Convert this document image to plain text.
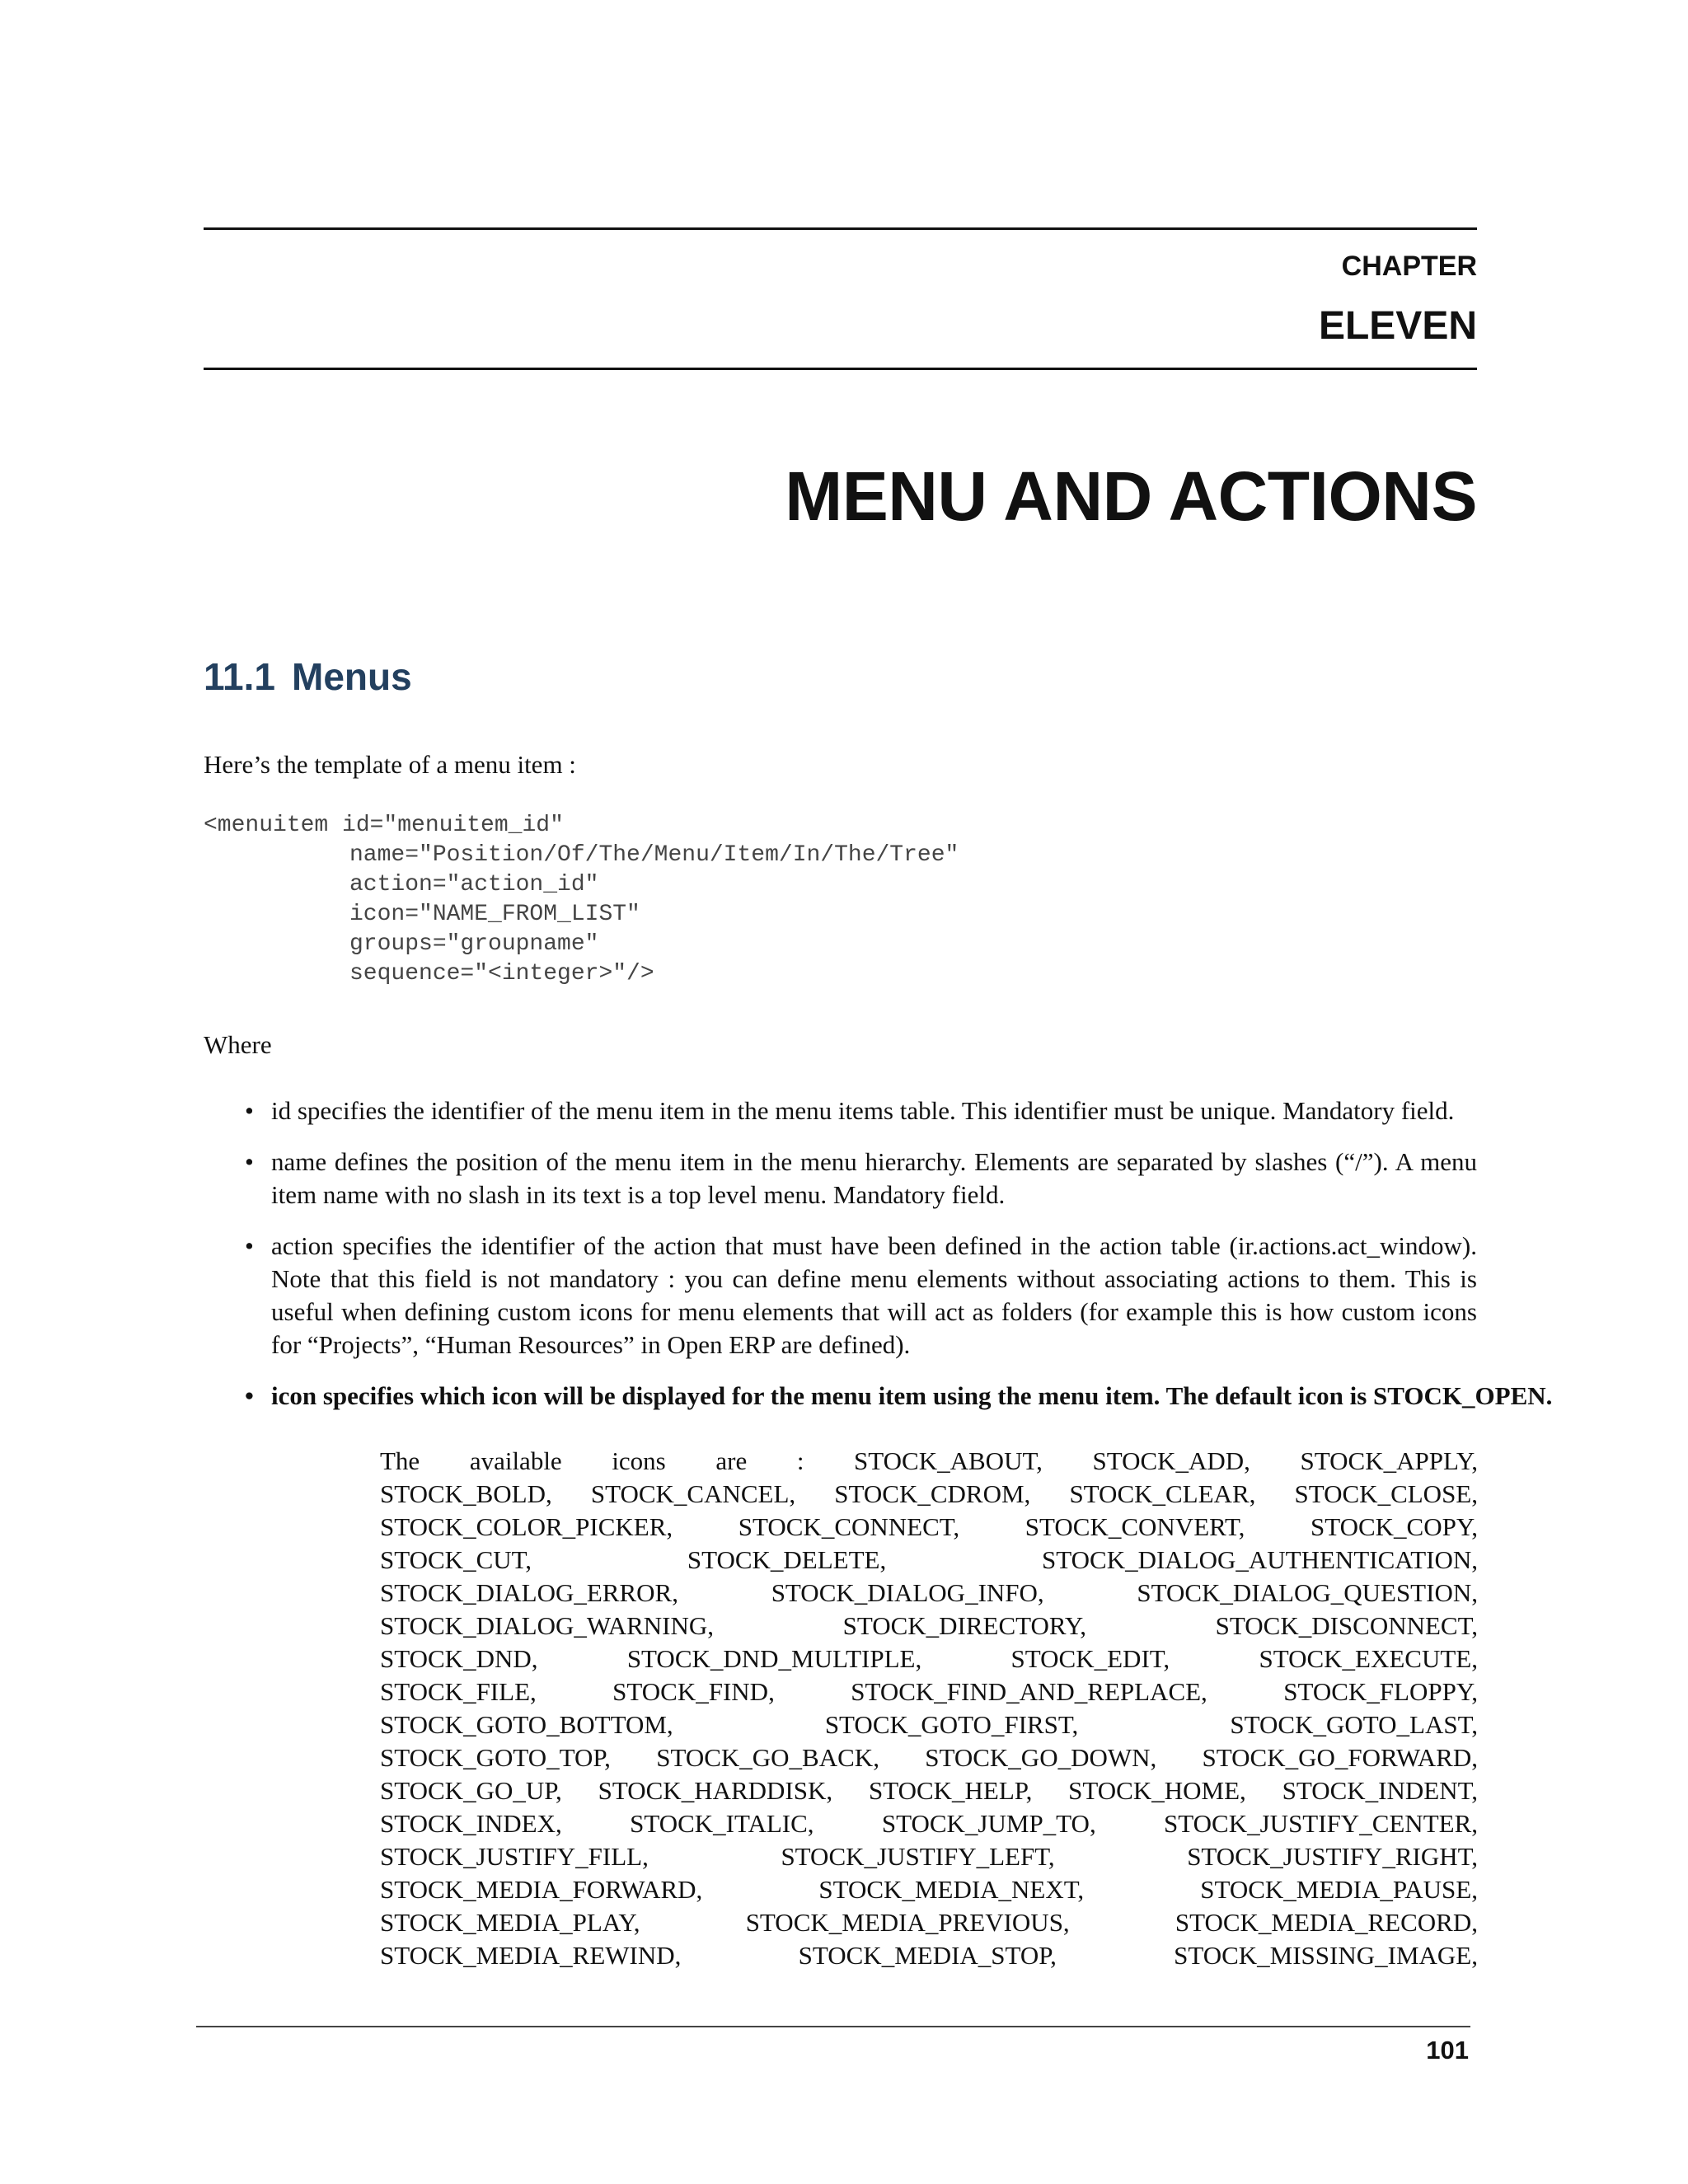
CHAPTER
ELEVEN
MENU AND ACTIONS
11.1 Menus
Here’s the template of a menu item :
<menuitem id="menuitem_id"
name="Position/Of/The/Menu/Item/In/The/Tree"
action="action_id"
icon="NAME_FROM_LIST"
groups="groupname"
sequence="<integer>"/>
Where
• id specifies the identifier of the menu item in the menu items table. This identifier must be unique. Mandatory field.
• name defines the position of the menu item in the menu hierarchy. Elements are separated by slashes (“/”). A menu item name with no slash in its text is a top level menu. Mandatory field.
• action specifies the identifier of the action that must have been defined in the action table (ir.actions.act_window). Note that this field is not mandatory : you can define menu elements without associating actions to them. This is useful when defining custom icons for menu elements that will act as folders (for example this is how custom icons for “Projects”, “Human Resources” in Open ERP are defined).
• icon specifies which icon will be displayed for the menu item using the menu item. The default icon is STOCK_OPEN.
The available icons are : STOCK_ABOUT, STOCK_ADD, STOCK_APPLY,
STOCK_BOLD, STOCK_CANCEL, STOCK_CDROM, STOCK_CLEAR, STOCK_CLOSE,
STOCK_COLOR_PICKER,	STOCK_CONNECT,	STOCK_CONVERT,	STOCK_COPY,
STOCK_CUT,	STOCK_DELETE,	STOCK_DIALOG_AUTHENTICATION,
STOCK_DIALOG_ERROR,	STOCK_DIALOG_INFO,	STOCK_DIALOG_QUESTION,
STOCK_DIALOG_WARNING,	STOCK_DIRECTORY,	STOCK_DISCONNECT,
STOCK_DND,	STOCK_DND_MULTIPLE,	STOCK_EDIT,	STOCK_EXECUTE,
STOCK_FILE,	STOCK_FIND,	STOCK_FIND_AND_REPLACE,	STOCK_FLOPPY,
STOCK_GOTO_BOTTOM,	STOCK_GOTO_FIRST,	STOCK_GOTO_LAST,
STOCK_GOTO_TOP, STOCK_GO_BACK, STOCK_GO_DOWN, STOCK_GO_FORWARD,
STOCK_GO_UP, STOCK_HARDDISK, STOCK_HELP, STOCK_HOME, STOCK_INDENT,
STOCK_INDEX,	STOCK_ITALIC,	STOCK_JUMP_TO,	STOCK_JUSTIFY_CENTER,
STOCK_JUSTIFY_FILL,	STOCK_JUSTIFY_LEFT,	STOCK_JUSTIFY_RIGHT,
STOCK_MEDIA_FORWARD,	STOCK_MEDIA_NEXT,	STOCK_MEDIA_PAUSE,
STOCK_MEDIA_PLAY,	STOCK_MEDIA_PREVIOUS,	STOCK_MEDIA_RECORD,
STOCK_MEDIA_REWIND,	STOCK_MEDIA_STOP,	STOCK_MISSING_IMAGE,
101
